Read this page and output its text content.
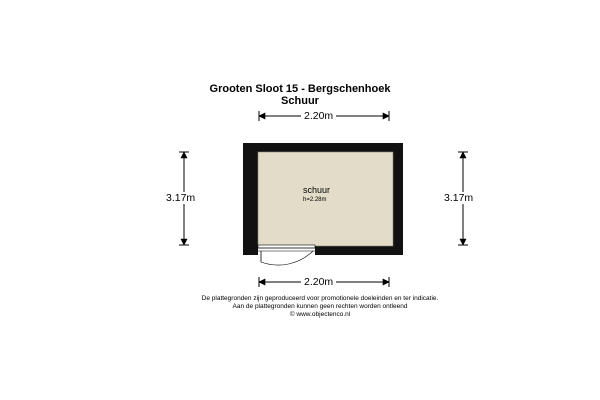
Grooten Sloot 15 - Bergschenhoek
Schuur
2.20m
2.20m
3.17m	3.17m
schuur
h=2.28m
De plattegronden zijn geproduceerd voor promotionele doeleinden en ter indicatie.
Aan de plattegronden kunnen geen rechten worden ontleend
© www.objectenco.nl
